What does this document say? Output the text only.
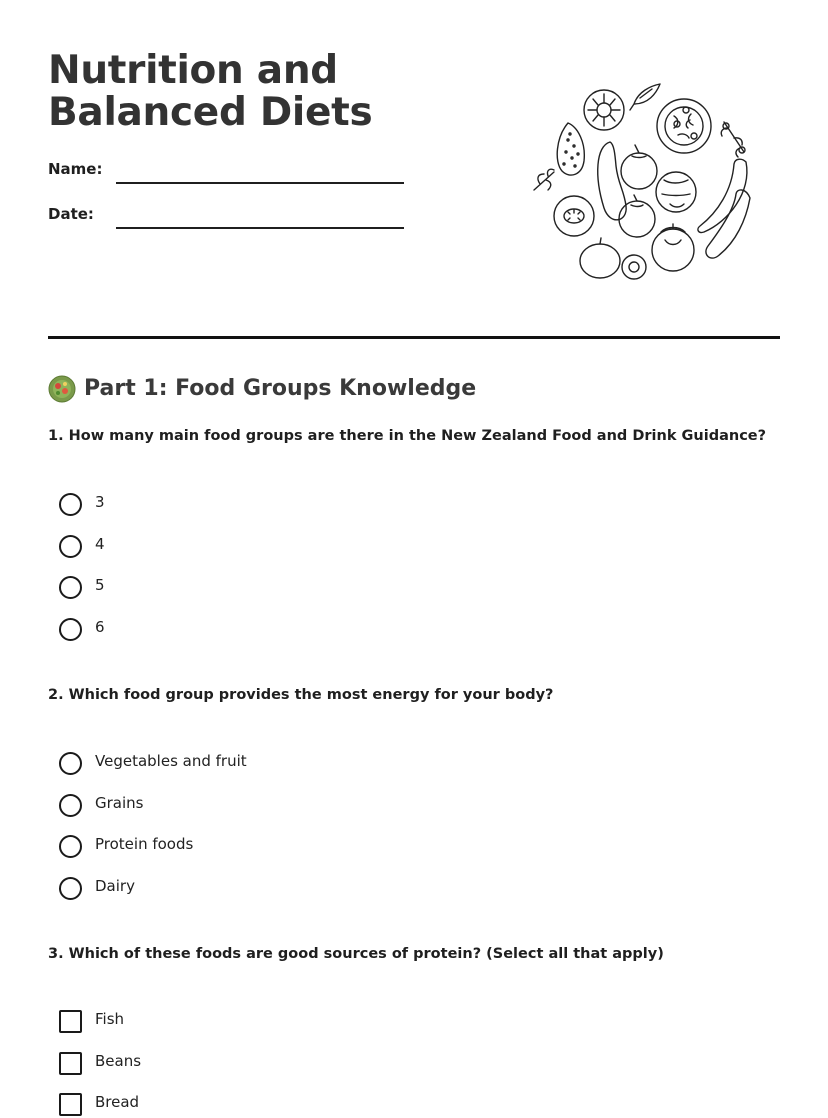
Nutrition and Balanced Diets
Name:
Date:
Part 1: Food Groups Knowledge
1. How many main food groups are there in the New Zealand Food and Drink Guidance?
3
4
5
6
2. Which food group provides the most energy for your body?
Vegetables and fruit
Grains
Protein foods
Dairy
3. Which of these foods are good sources of protein? (Select all that apply)
Fish
Beans
Bread
